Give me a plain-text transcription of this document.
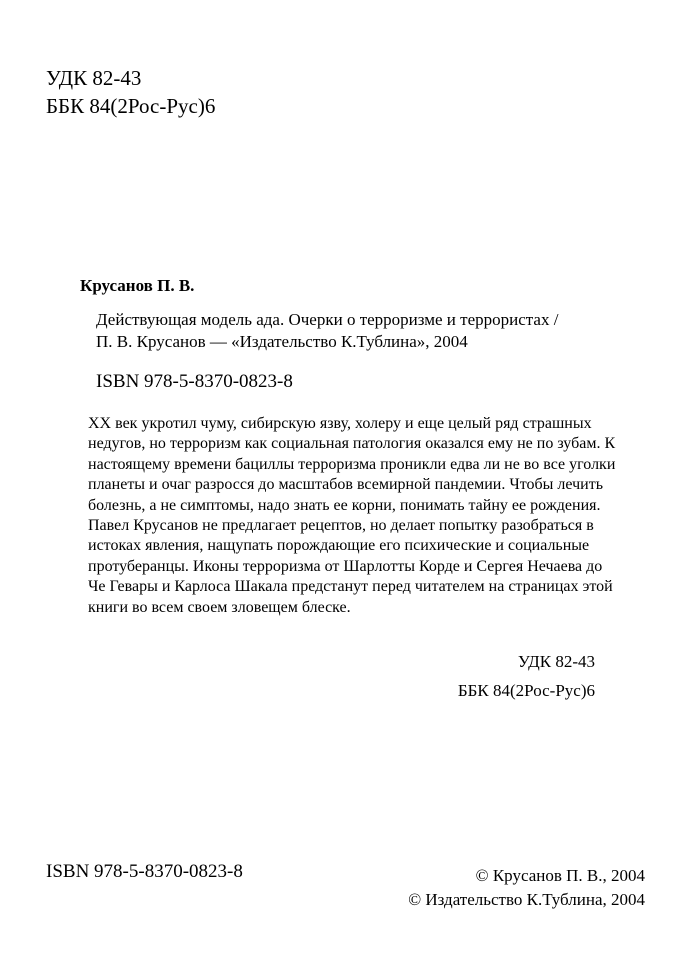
УДК 82-43
ББК 84(2Рос-Рус)6
Крусанов П. В.
Действующая модель ада. Очерки о терроризме и террористах /
П. В. Крусанов — «Издательство К.Тублина», 2004
ISBN 978-5-8370-0823-8
XX век укротил чуму, сибирскую язву, холеру и еще целый ряд страшных
недугов, но терроризм как социальная патология оказался ему не по зубам. К
настоящему времени бациллы терроризма проникли едва ли не во все уголки
планеты и очаг разросся до масштабов всемирной пандемии. Чтобы лечить
болезнь, а не симптомы, надо знать ее корни, понимать тайну ее рождения.
Павел Крусанов не предлагает рецептов, но делает попытку разобраться в
истоках явления, нащупать порождающие его психические и социальные
протуберанцы. Иконы терроризма от Шарлотты Корде и Сергея Нечаева до
Че Гевары и Карлоса Шакала предстанут перед читателем на страницах этой
книги во всем своем зловещем блеске.
УДК 82-43
ББК 84(2Рос-Рус)6
ISBN 978-5-8370-0823-8	© Крусанов П. В., 2004
© Издательство К.Тублина, 2004
